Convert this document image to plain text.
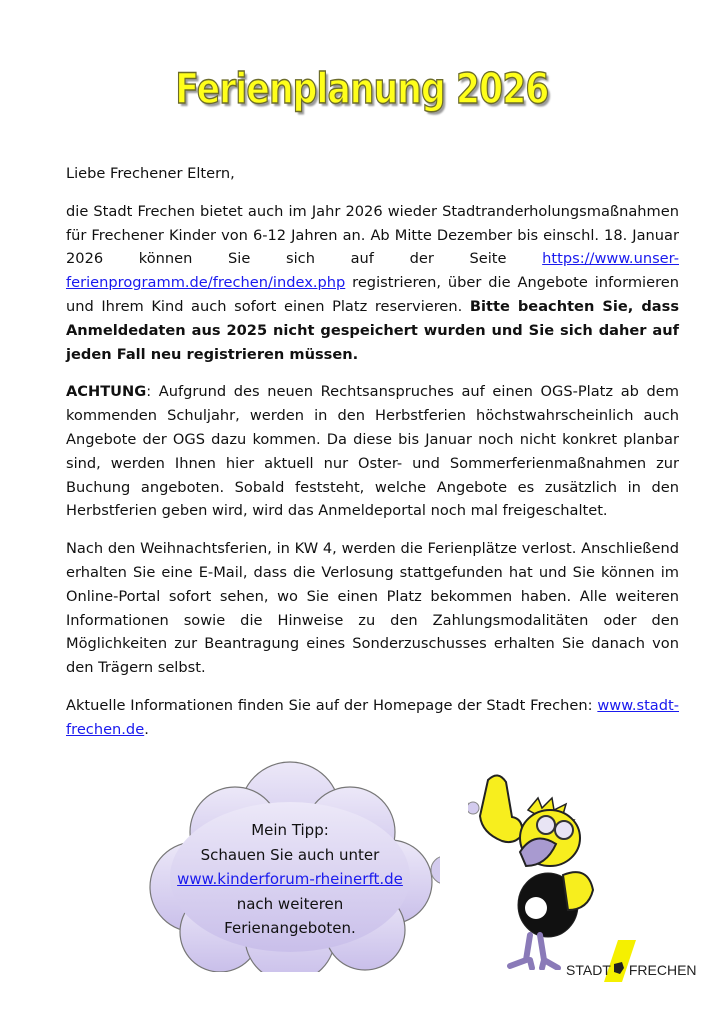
Ferienplanung 2026

Liebe Frechener Eltern,

die Stadt Frechen bietet auch im Jahr 2026 wieder Stadtranderholungsmaßnahmen für Frechener Kinder von 6-12 Jahren an. Ab Mitte Dezember bis einschl. 18. Januar 2026 können Sie sich auf der Seite https://www.unser-ferienprogramm.de/frechen/index.php registrieren, über die Angebote informieren und Ihrem Kind auch sofort einen Platz reservieren. Bitte beachten Sie, dass Anmeldedaten aus 2025 nicht gespeichert wurden und Sie sich daher auf jeden Fall neu registrieren müssen.

ACHTUNG: Aufgrund des neuen Rechtsanspruches auf einen OGS-Platz ab dem kommenden Schuljahr, werden in den Herbstferien höchstwahrscheinlich auch Angebote der OGS dazu kommen. Da diese bis Januar noch nicht konkret planbar sind, werden Ihnen hier aktuell nur Oster- und Sommerferienmaßnahmen zur Buchung angeboten. Sobald feststeht, welche Angebote es zusätzlich in den Herbstferien geben wird, wird das Anmeldeportal noch mal freigeschaltet.

Nach den Weihnachtsferien, in KW 4, werden die Ferienplätze verlost. Anschließend erhalten Sie eine E-Mail, dass die Verlosung stattgefunden hat und Sie können im Online-Portal sofort sehen, wo Sie einen Platz bekommen haben. Alle weiteren Informationen sowie die Hinweise zu den Zahlungsmodalitäten oder den Möglichkeiten zur Beantragung eines Sonderzuschusses erhalten Sie danach von den Trägern selbst.

Aktuelle Informationen finden Sie auf der Homepage der Stadt Frechen: www.stadt-frechen.de.

Mein Tipp:
Schauen Sie auch unter
www.kinderforum-rheinerft.de
nach weiteren
Ferienangeboten.
STADT FRECHEN
